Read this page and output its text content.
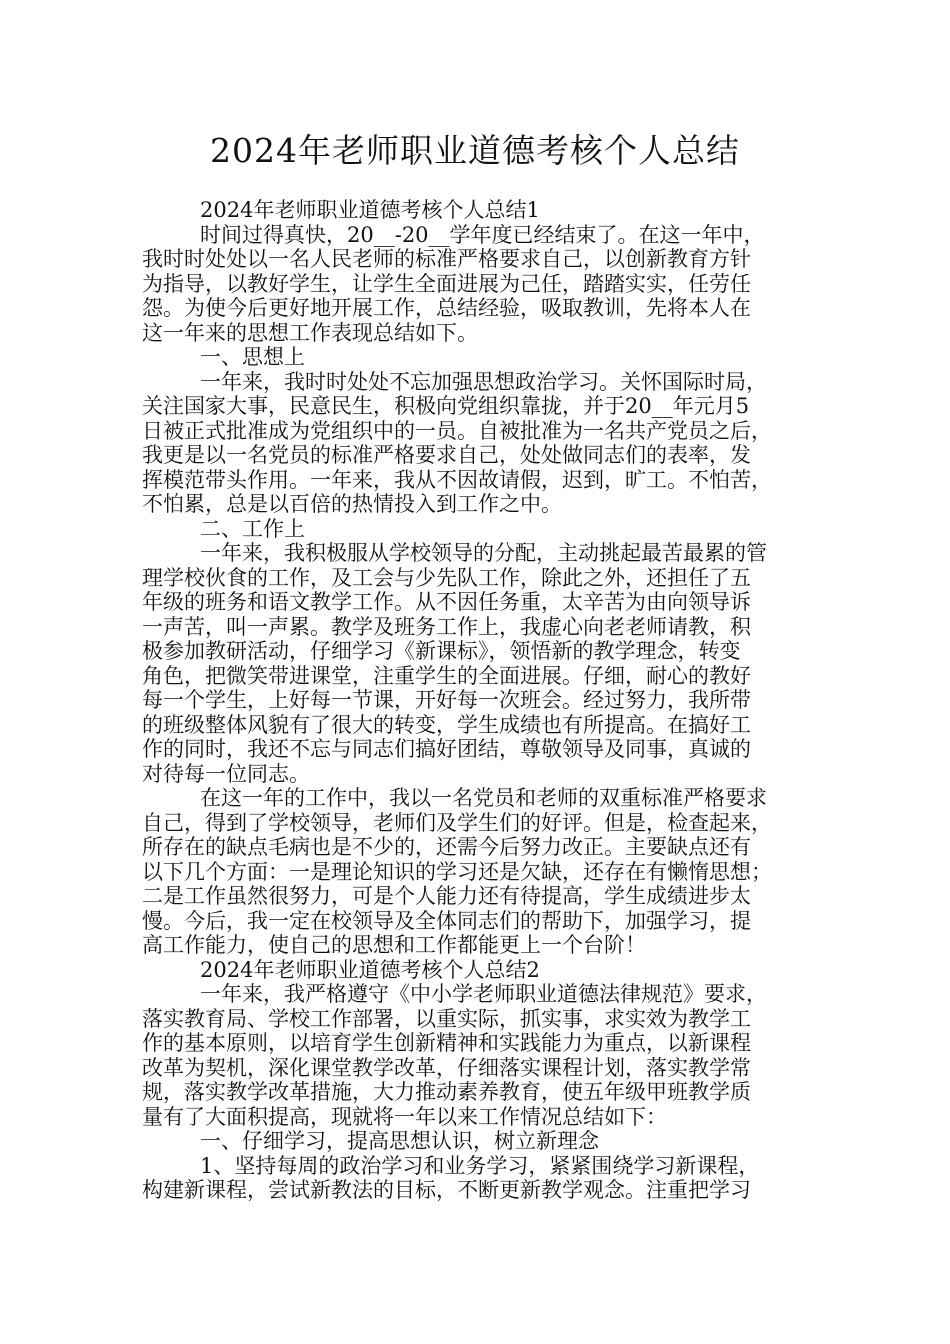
2024年老师职业道德考核个人总结
2024年老师职业道德考核个人总结1
时间过得真快，20__-20__学年度已经结束了。在这一年中，
我时时处处以一名人民老师的标准严格要求自己，以创新教育方针
为指导，以教好学生，让学生全面进展为己任，踏踏实实，任劳任
怨。为使今后更好地开展工作，总结经验，吸取教训，先将本人在
这一年来的思想工作表现总结如下。
一、思想上
一年来，我时时处处不忘加强思想政治学习。关怀国际时局，
关注国家大事，民意民生，积极向党组织靠拢，并于20__年元月5
日被正式批准成为党组织中的一员。自被批准为一名共产党员之后，
我更是以一名党员的标准严格要求自己，处处做同志们的表率，发
挥模范带头作用。一年来，我从不因故请假，迟到，旷工。不怕苦，
不怕累，总是以百倍的热情投入到工作之中。
二、工作上
一年来，我积极服从学校领导的分配，主动挑起最苦最累的管
理学校伙食的工作，及工会与少先队工作，除此之外，还担任了五
年级的班务和语文教学工作。从不因任务重，太辛苦为由向领导诉
一声苦，叫一声累。教学及班务工作上，我虚心向老老师请教，积
极参加教研活动，仔细学习《新课标》，领悟新的教学理念，转变
角色，把微笑带进课堂，注重学生的全面进展。仔细，耐心的教好
每一个学生，上好每一节课，开好每一次班会。经过努力，我所带
的班级整体风貌有了很大的转变，学生成绩也有所提高。在搞好工
作的同时，我还不忘与同志们搞好团结，尊敬领导及同事，真诚的
对待每一位同志。
在这一年的工作中，我以一名党员和老师的双重标准严格要求
自己，得到了学校领导，老师们及学生们的好评。但是，检查起来，
所存在的缺点毛病也是不少的，还需今后努力改正。主要缺点还有
以下几个方面：一是理论知识的学习还是欠缺，还存在有懒惰思想；
二是工作虽然很努力，可是个人能力还有待提高，学生成绩进步太
慢。今后，我一定在校领导及全体同志们的帮助下，加强学习，提
高工作能力，使自己的思想和工作都能更上一个台阶！
2024年老师职业道德考核个人总结2
一年来，我严格遵守《中小学老师职业道德法律规范》要求，
落实教育局、学校工作部署，以重实际，抓实事，求实效为教学工
作的基本原则，以培育学生创新精神和实践能力为重点，以新课程
改革为契机，深化课堂教学改革，仔细落实课程计划，落实教学常
规，落实教学改革措施，大力推动素养教育，使五年级甲班教学质
量有了大面积提高，现就将一年以来工作情况总结如下：
一、仔细学习，提高思想认识，树立新理念
1、坚持每周的政治学习和业务学习，紧紧围绕学习新课程，
构建新课程，尝试新教法的目标，不断更新教学观念。注重把学习
